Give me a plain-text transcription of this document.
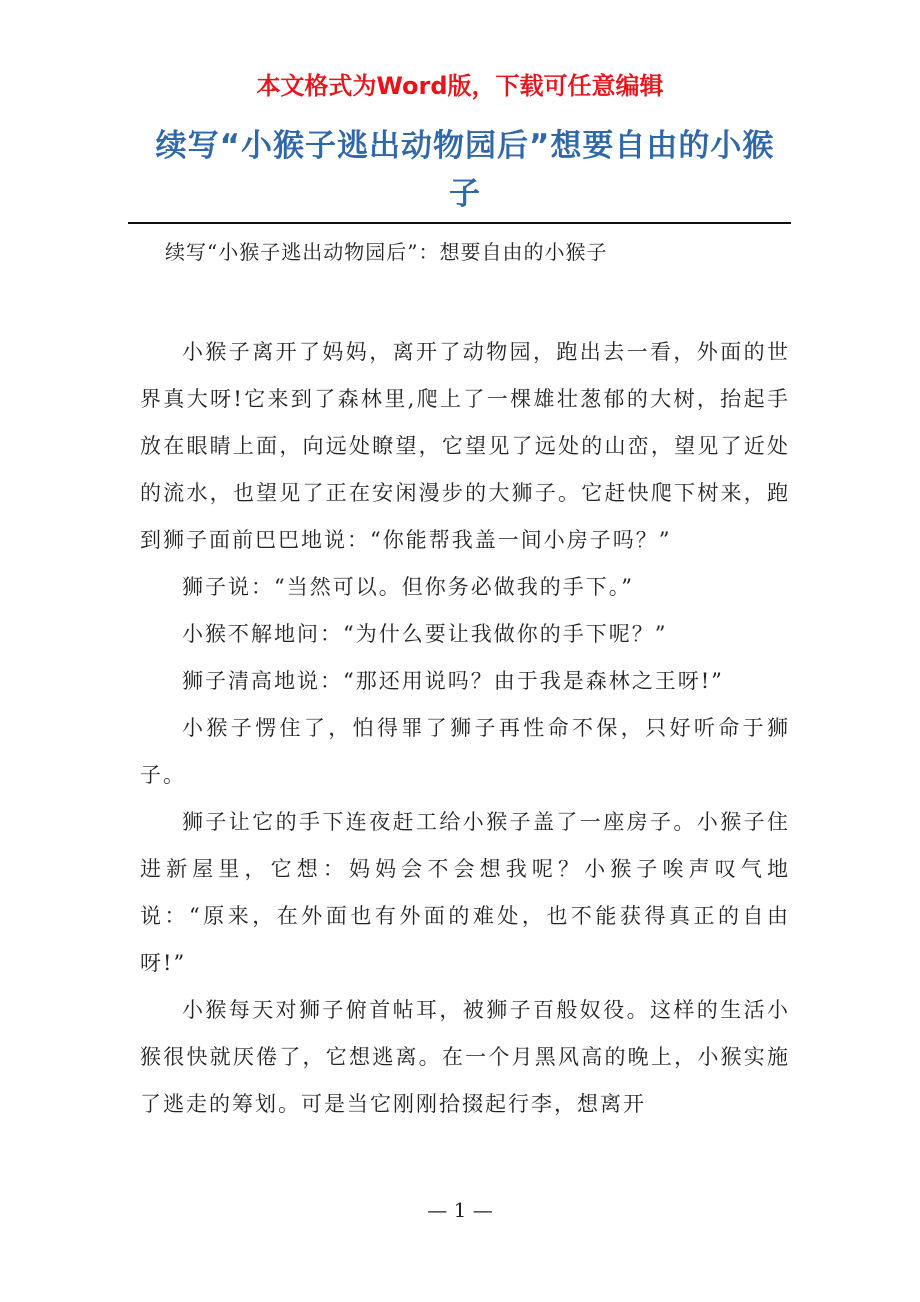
本文格式为Word版，下载可任意编辑
续写“小猴子逃出动物园后”想要自由的小猴子
续写“小猴子逃出动物园后”：想要自由的小猴子

小猴子离开了妈妈，离开了动物园，跑出去一看，外面的世界真大呀!它来到了森林里,爬上了一棵雄壮葱郁的大树，抬起手放在眼睛上面，向远处瞭望，它望见了远处的山峦，望见了近处的流水，也望见了正在安闲漫步的大狮子。它赶快爬下树来，跑到狮子面前巴巴地说：“你能帮我盖一间小房子吗？”

狮子说：“当然可以。但你务必做我的手下。”

小猴不解地问：“为什么要让我做你的手下呢？”

狮子清高地说：“那还用说吗？由于我是森林之王呀!”

小猴子愣住了，怕得罪了狮子再性命不保，只好听命于狮子。

狮子让它的手下连夜赶工给小猴子盖了一座房子。小猴子住进新屋里，它想：妈妈会不会想我呢？小猴子唉声叹气地说：“原来，在外面也有外面的难处，也不能获得真正的自由呀!”

小猴每天对狮子俯首帖耳，被狮子百般奴役。这样的生活小猴很快就厌倦了，它想逃离。在一个月黑风高的晚上，小猴实施了逃走的筹划。可是当它刚刚拾掇起行李，想离开

— 1 —
